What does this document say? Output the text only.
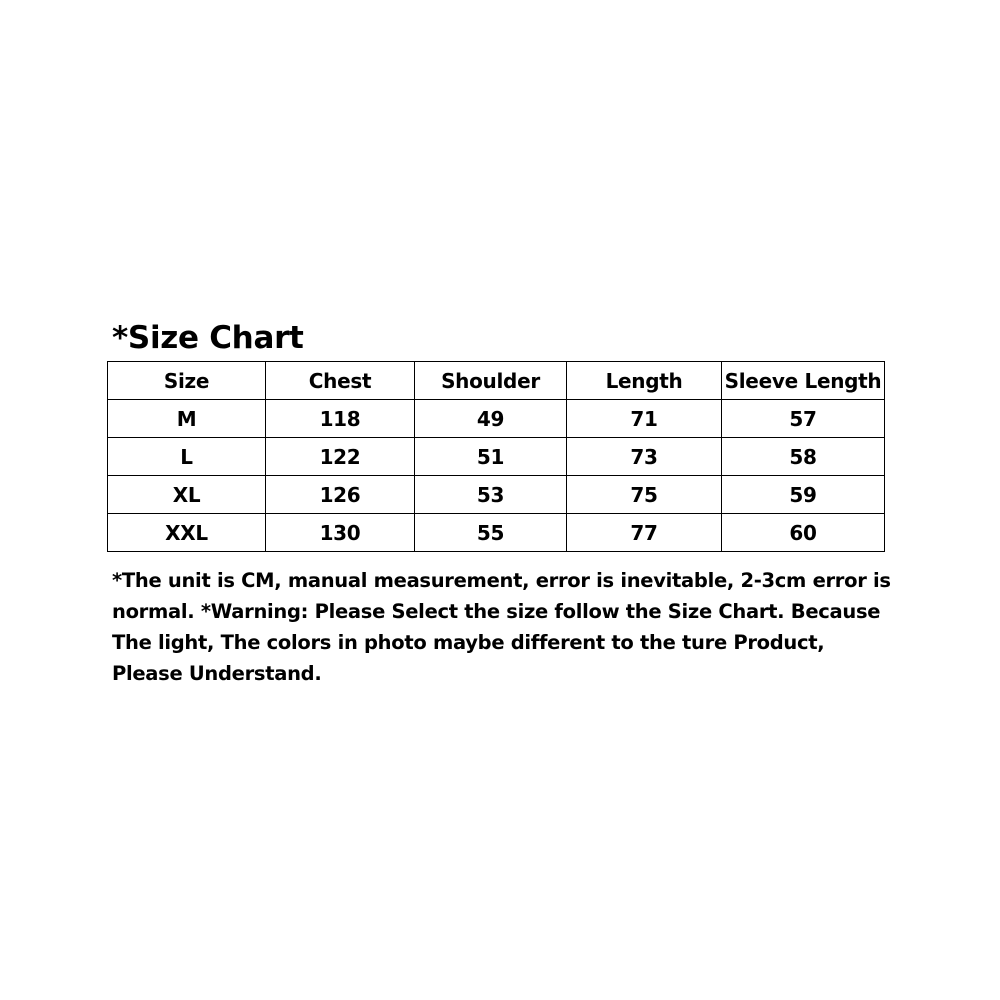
*Size Chart
Size	Chest	Shoulder	Length	Sleeve Length
M	118	49	71	57
L	122	51	73	58
XL	126	53	75	59
XXL	130	55	77	60
*The unit is CM, manual measurement, error is inevitable, 2-3cm error is
normal. *Warning: Please Select the size follow the Size Chart. Because
The light, The colors in photo maybe different to the ture Product,
Please Understand.
